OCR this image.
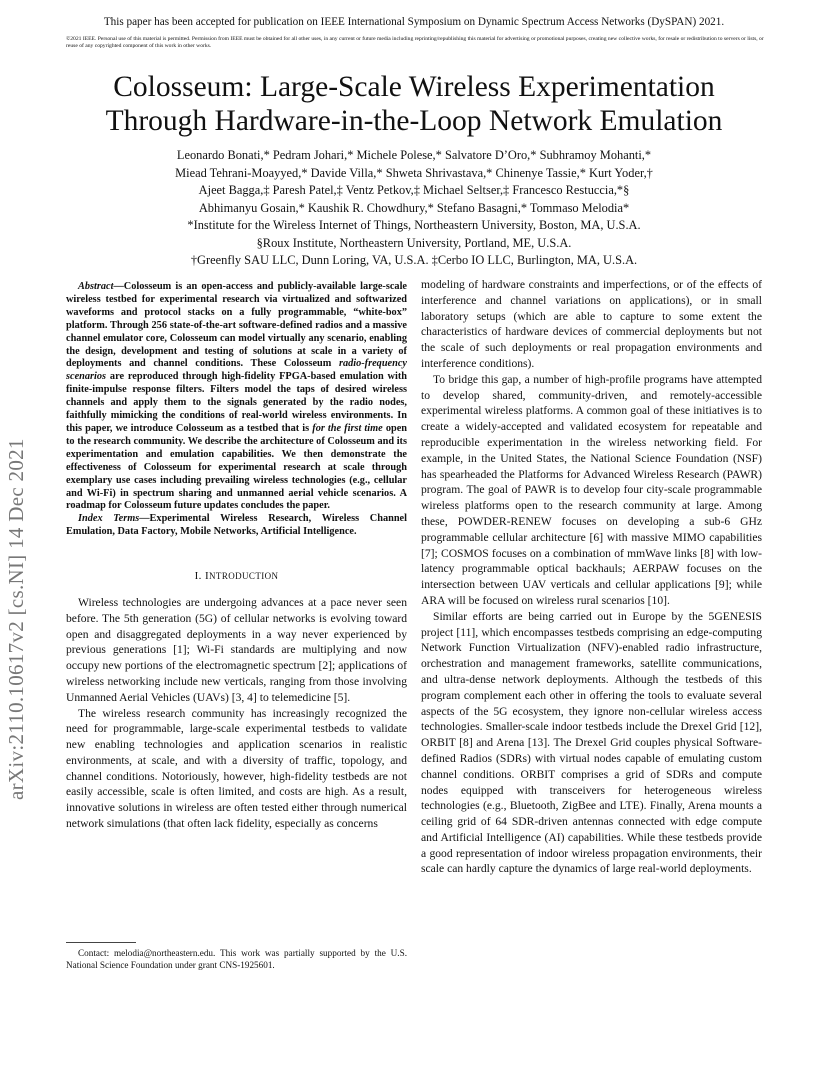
This paper has been accepted for publication on IEEE International Symposium on Dynamic Spectrum Access Networks (DySPAN) 2021.
©2021 IEEE. Personal use of this material is permitted. Permission from IEEE must be obtained for all other uses, in any current or future media including reprinting/republishing this material for advertising or promotional purposes, creating new collective works, for resale or redistribution to servers or lists, or reuse of any copyrighted component of this work in other works.
Colosseum: Large-Scale Wireless Experimentation
Through Hardware-in-the-Loop Network Emulation
Leonardo Bonati,* Pedram Johari,* Michele Polese,* Salvatore D’Oro,* Subhramoy Mohanti,*
Miead Tehrani-Moayyed,* Davide Villa,* Shweta Shrivastava,* Chinenye Tassie,* Kurt Yoder,†
Ajeet Bagga,‡ Paresh Patel,‡ Ventz Petkov,‡ Michael Seltser,‡ Francesco Restuccia,*§
Abhimanyu Gosain,* Kaushik R. Chowdhury,* Stefano Basagni,* Tommaso Melodia*
*Institute for the Wireless Internet of Things, Northeastern University, Boston, MA, U.S.A.
§Roux Institute, Northeastern University, Portland, ME, U.S.A.
†Greenfly SAU LLC, Dunn Loring, VA, U.S.A. ‡Cerbo IO LLC, Burlington, MA, U.S.A.
arXiv:2110.10617v2 [cs.NI] 14 Dec 2021

Abstract—Colosseum is an open-access and publicly-available large-scale wireless testbed for experimental research via virtualized and softwarized waveforms and protocol stacks on a fully programmable, “white-box” platform. Through 256 state-of-the-art software-defined radios and a massive channel emulator core, Colosseum can model virtually any scenario, enabling the design, development and testing of solutions at scale in a variety of deployments and channel conditions. These Colosseum radio-frequency scenarios are reproduced through high-fidelity FPGA-based emulation with finite-impulse response filters. Filters model the taps of desired wireless channels and apply them to the signals generated by the radio nodes, faithfully mimicking the conditions of real-world wireless environments. In this paper, we introduce Colosseum as a testbed that is for the first time open to the research community. We describe the architecture of Colosseum and its experimentation and emulation capabilities. We then demonstrate the effectiveness of Colosseum for experimental research at scale through exemplary use cases including prevailing wireless technologies (e.g., cellular and Wi-Fi) in spectrum sharing and unmanned aerial vehicle scenarios. A roadmap for Colosseum future updates concludes the paper.

Index Terms—Experimental Wireless Research, Wireless Channel Emulation, Data Factory, Mobile Networks, Artificial Intelligence.

I. INTRODUCTION

Wireless technologies are undergoing advances at a pace never seen before. The 5th generation (5G) of cellular networks is evolving toward open and disaggregated deployments in a way never experienced by previous generations [1]; Wi-Fi standards are multiplying and now occupy new portions of the electromagnetic spectrum [2]; applications of wireless networking include new verticals, ranging from those involving Unmanned Aerial Vehicles (UAVs) [3, 4] to telemedicine [5].

The wireless research community has increasingly recognized the need for programmable, large-scale experimental testbeds to validate new enabling technologies and application scenarios in realistic environments, at scale, and with a diversity of traffic, topology, and channel conditions. Notoriously, however, high-fidelity testbeds are not easily accessible, scale is often limited, and costs are high. As a result, innovative solutions in wireless are often tested either through numerical network simulations (that often lack fidelity, especially as concerns

Contact: melodia@northeastern.edu. This work was partially supported by the U.S. National Science Foundation under grant CNS-1925601.

modeling of hardware constraints and imperfections, or of the effects of interference and channel variations on applications), or in small laboratory setups (which are able to capture to some extent the characteristics of hardware devices of commercial deployments but not the scale of such deployments or real propagation environments and interference conditions).

To bridge this gap, a number of high-profile programs have attempted to develop shared, community-driven, and remotely-accessible experimental wireless platforms. A common goal of these initiatives is to create a widely-accepted and validated ecosystem for repeatable and reproducible experimentation in the wireless networking field. For example, in the United States, the National Science Foundation (NSF) has spearheaded the Platforms for Advanced Wireless Research (PAWR) program. The goal of PAWR is to develop four city-scale programmable wireless platforms open to the research community at large. Among these, POWDER-RENEW focuses on developing a sub-6 GHz programmable cellular architecture [6] with massive MIMO capabilities [7]; COSMOS focuses on a combination of mmWave links [8] with low-latency programmable optical backhauls; AERPAW focuses on the intersection between UAV verticals and cellular applications [9]; while ARA will be focused on wireless rural scenarios [10].

Similar efforts are being carried out in Europe by the 5GENESIS project [11], which encompasses testbeds comprising an edge-computing Network Function Virtualization (NFV)-enabled radio infrastructure, orchestration and management frameworks, satellite communications, and ultra-dense network deployments. Although the testbeds of this program complement each other in offering the tools to evaluate several aspects of the 5G ecosystem, they ignore non-cellular wireless access technologies. Smaller-scale indoor testbeds include the Drexel Grid [12], ORBIT [8] and Arena [13]. The Drexel Grid couples physical Software-defined Radios (SDRs) with virtual nodes capable of emulating custom channel conditions. ORBIT comprises a grid of SDRs and compute nodes equipped with transceivers for heterogeneous wireless technologies (e.g., Bluetooth, ZigBee and LTE). Finally, Arena mounts a ceiling grid of 64 SDR-driven antennas connected with edge compute and Artificial Intelligence (AI) capabilities. While these testbeds provide a good representation of indoor wireless propagation environments, their scale can hardly capture the dynamics of large real-world deployments.
